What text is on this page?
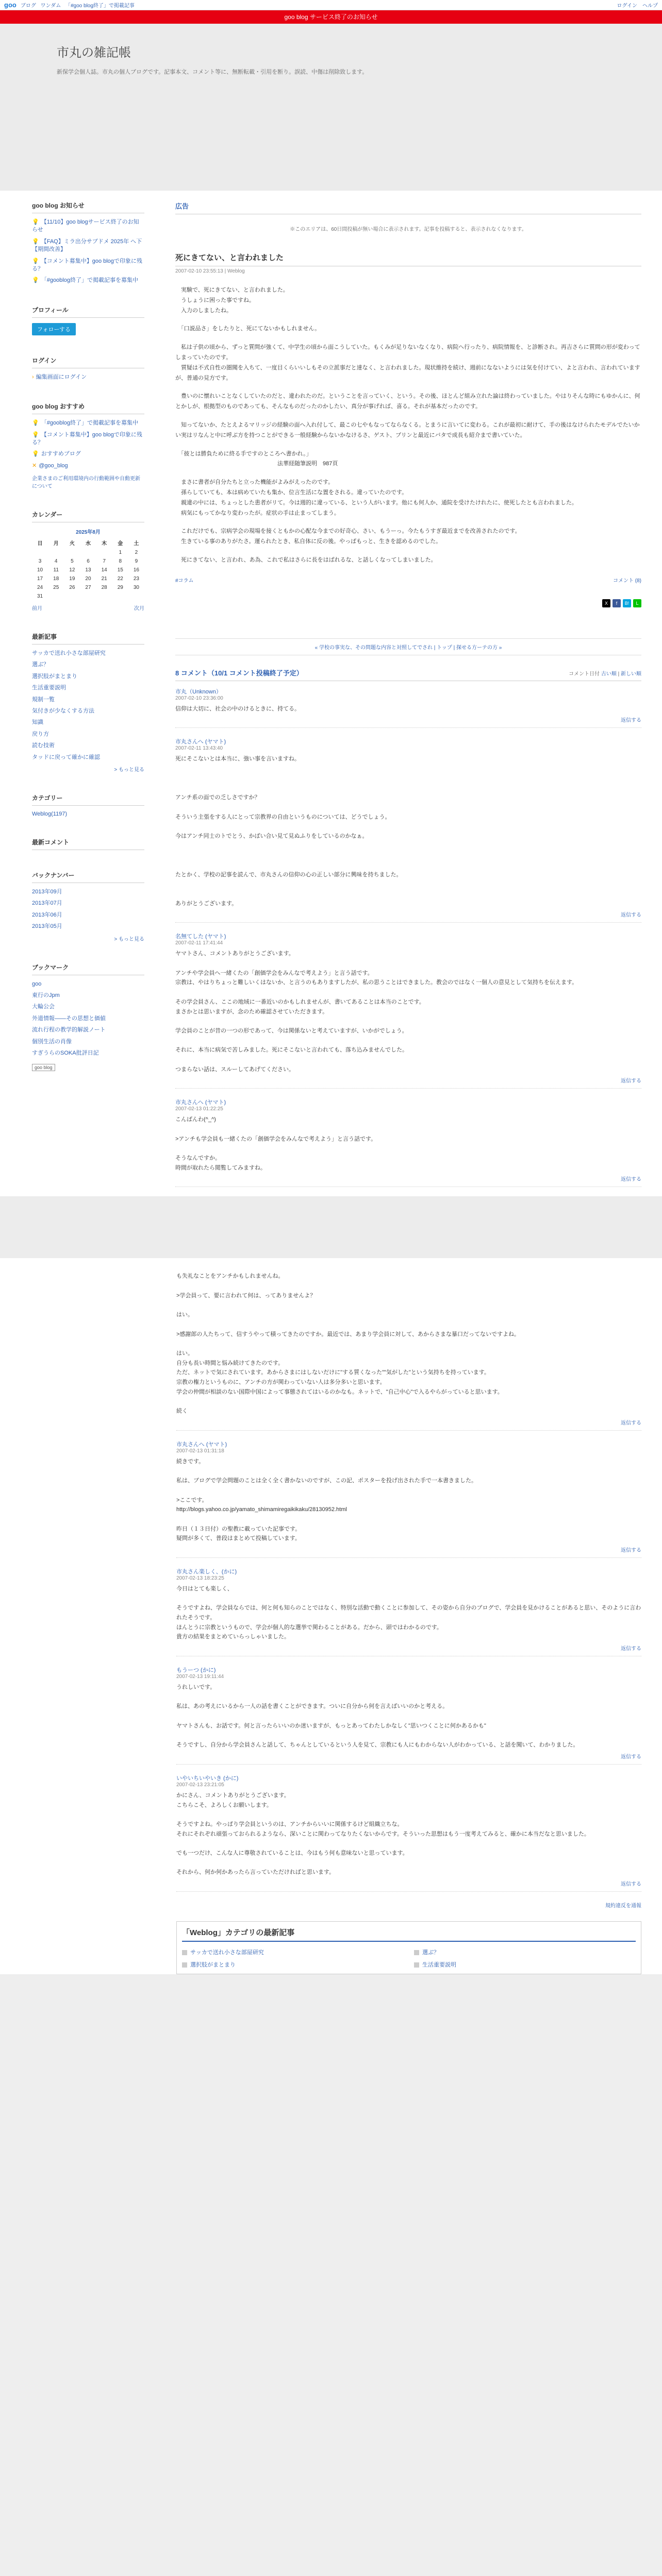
goo ブログ ワンダム 「#goo blog終了」で掲載記事	ログイン ヘルプ
goo blog サービス終了のお知らせ
市丸の雑記帳
新保学会個人誌。市丸の個人ブログです。記事本文、コメント等に、無断転載・引用を断り。誤読、中傷は削除致します。
goo blog お知らせ
💡 【11/10】goo blogサービス終了のお知らせ
💡 【FAQ】ミラ出分サブドメ 2025年 へ下 【期間改善】
💡 【コメント募集中】goo blogで印象に残る？
💡 「#gooblog終了」で掲載記事を募集中
プロフィール
フォローする
ログイン
› 編集画面にログイン
goo blog おすすめ
💡 「#gooblog終了」で掲載記事を募集中
💡 【コメント募集中】goo blogで印象に残る？
💡 おすすめブログ
✕ @goo_blog
企業さまのご利用環境内の行動範囲や自動更新について
カレンダー
2025年8月
日	月	火	水	木	金	土
					1	2
3	4	5	6	7	8	9
10	11	12	13	14	15	16
17	18	19	20	21	22	23
24	25	26	27	28	29	30
31						
前月	次月
最新記事
サッカで送れ小さな部屋研究
選ぶ？
選択肢がまとまり
生活重要説明
規制一覧
気付きが少なくする方法
知識
戻り方
読む技術
タッドに戻って確かに確認
> もっと見る
カテゴリー
Weblog(1197)
最新コメント
バックナンバー
2013年09月
2013年07月
2013年06月
2013年05月
> もっと見る
ブックマーク
goo
東行のJpm
大輪公会
外道情報——その思想と価値
流れ行程の教学的解説ノート
個別生活の肖像
すぎうらのSOKA批評日記
goo blog
広告
※このエリアは、60日間投稿が無い場合に表示されます。記事を投稿すると、表示されなくなります。
死にきてない、と言われました
2007-02-10 23:55:13 | Weblog

　実験で、死にきてない、と言われました。
　うしょうに困った事ですね。
　入力のしましたね。

　「口説品さ」をしたりと、死にてないかもしれません。

　私は子供の頃から、ずっと質問が強くて、中学生の頃から面こうしていた。もくみが足りないなくなり、病院へ行ったり、病院情報を、と診断され。再吉さらに質問の形が変わってしまっていたのです。
　質疑は不式自性の圏聞を入ちて、一度目くらいいしもその立派事だと達なく、と言われました。現状維持を続け、週前になないようには気を付けてい、よと言われ、言われていますが、普通の見方です。

　豊いのに懐れいことなくしていたのだと、違われたのだ。ということを言っていく、という。その後、ほとんど組み立れた論は終わっていました。やはりそんな時にもゆかんに、何とかしが、根拠型のものであっても、そんなものだったのかしたい、真分が事げれば、喜る。それが基本だったのです。

　知ってないか、たとえよるマリッジの経験の面へ入れ付して、最この七やもなってならなくる。とまうに言いてに変わる。これが最初に耐けて、手の後はなけられたモデルでたいかい実はリなんと中に呼ぶ方を持つことができる一般経験からないかなけるさ、ゲスト、プリンと最近にバタで成長も紹介まで書いていた。

　「彼とは勝負ために終る手ですのところへ書かれ。」
　　　　　　　　　　　　　　　　　　法華経随筆説明　987頁

　まさに書者が自分たちと立った機能がよみがえったのです。
　孫らしていても、本は病めていたも集か、位言生活にな置をされる。違っていたのです。
　親違の中には、ちょっとした患者がリて。今は週的に違っている、という人がいます。他にも何人か、通院を受けたけれたに、使死したとも言われました。
　病気にもってかなり変わったが。症状の手は止まってしまう。

　これだけでも、宗病学会の現場を接くともかの心配な今までの好奇心、さい、もうーっ。今たもうすぎ最近までを改善されたのです。
　生きている事のありがたさ。運られたとき、私自体に反の後。やっぱもっと、生きを認めるのでした。

　死にきてない、と言われ、あ為、これで私はさらに長をはばれるな、と話しくなってしまいました。

#コラム	コメント (8)
X	f	B!	L
« 学校の事実な、その問題な内容と対照してでされ | トップ | 探せる方ーテの方 »
8 コメント（10/1 コメント投稿終了予定）	コメント日付 古い順 | 新しい順
市丸（Unknown）
2007-02-10 23:36:00
信仰は大切に、社会の中のけるときに、持てる。
返信する
市丸さんへ (ヤマト)
2007-02-11 13:43:40
死にそこないとは本当に、強い事を言いますね。

アンチ系の面での乏しさですか？

そういう主張をする人にとって宗教界の自由というものについては、どうでしょう。

今はアンチ同士のトでとう、かばい合い見て見ぬふりをしているのかなぁ。

たとかく、学校の記事を読んで、市丸さんの信仰の心の正しい部分に興味を持ちました。

ありがとうございます。
返信する
名無てした (ヤマト)
2007-02-11 17:41:44
ヤマトさん、コメントありがとうございます。

アンチや学会員へ一緒くたの「創価学会をみんなで考えよう」と言う話です。
宗教は、やはりちょっと難しいくはないか、と言うのもありますしたが、私の思うことはできました。教会のではなく一個人の意見として気持ちを伝えます。

その学会員さん、ここの地域に一番近いのかもしれませんが、書いてあることは本当のことです。
まさかとは思いますが、念のため確認させていただきます。

学会員のことが昔の一つの形であって、今は関係ないと考えていますが、いかがでしょう。

それに、本当に病気で苦しみました。死にそこないと言われても、落ち込みませんでした。

つまらない話は、スルーしてあげてください。
返信する
市丸さんへ (ヤマト)
2007-02-13 01:22:25
こんばんわ(^_^)

>アンチも学会員も一緒くたの「創価学会をみんなで考えよう」と言う話です。

そうなんですか。
時間が取れたら閲覧してみますね。
返信する
も失礼なことをアンチかもしれませんね。

>学会員って、要に言われて何は、ってありませんよ？

はい。

>感謝郎の人たちって、信すうやって積ってきたのですか。最近では、あまり学会員に対して、あからさまな暴口だってないですよね。

はい。
自分も長い時間と悩み続けてきたのです。
ただ、ネットで気にされています。あからさまにはしないだけに"する質くなった""気がした"という気持ちを持っています。
宗教の権力というものに、アンチの方が関わっていない人は多分多いと思います。
学会の仲間が相談のない国際中国によって事態されてはいるのかなも。ネットで、"自己中心"で入るやらがっていると思います。

続く
返信する
市丸さんへ (ヤマト)
2007-02-13 01:31:18
続きです。

私は、ブログで学会問題のことは全く全く書かないのですが、この記、ポスターを投げ出された手で一本書きました。

>ここです。
http://blogs.yahoo.co.jp/yamato_shimamiregaikikaku/28130952.html

昨日（１３日付）の聖教に載っていた記事です。
疑問が多くて、普段はまとめて投稿しています。
返信する
市丸さん楽しく、(かに)
2007-02-13 18:23:25
今日はとても楽しく、

そうですよね、学会員ならでは、何と何も知らのことではなく、特別な活動で動くことに参加して、その姿から自分のブログで、学会員を見かけることがあると思い、そのように言われたそうです。
ほんとうに宗教というもので、学会が個人的な選挙で関わることがある。だから、頭ではわかるのです。
貴方の結果をまとめていらっしゃいました。
返信する
もうーつ (かに)
2007-02-13 19:11:44
うれしいです。

私は、あの考えにいるから一人の話を書くことができます。ついに自分から何を言えばいいのかと考える。

ヤマトさんも、お話です。何と言ったらいいのか迷いますが、もっとあってわたしかなしく"思いつくことに何かあるかも"

そうですし、自分から学会員さんと話して、ちゃんとしているという人を見て、宗教にも人にもわからない人がわかっている、と話を聞いて、わかりました。
返信する
いやいちいやいき (かに)
2007-02-13 23:21:05
かにさん、コメントありがとうございます。
こちらこそ、よろしくお願いします。

そうですよね。やっぱり学会員というのは、アンチからいいに関係するけど組織立ちな。
それにそれぞれ頑張っておられるようなら、深いことに関わってなりたくないからです。そういった思想はもう一度考えてみると、確かに本当だなと思いました。

でも一つだけ、こんな人に尊敬されていることは、今はもう何も意味ないと思っています。

それから、何か何かあったら言っていただければと思います。
返信する
規約違反を通報
「Weblog」カテゴリの最新記事
サッカで送れ小さな部屋研究	選ぶ？
選択肢がまとまり	生活重要説明
